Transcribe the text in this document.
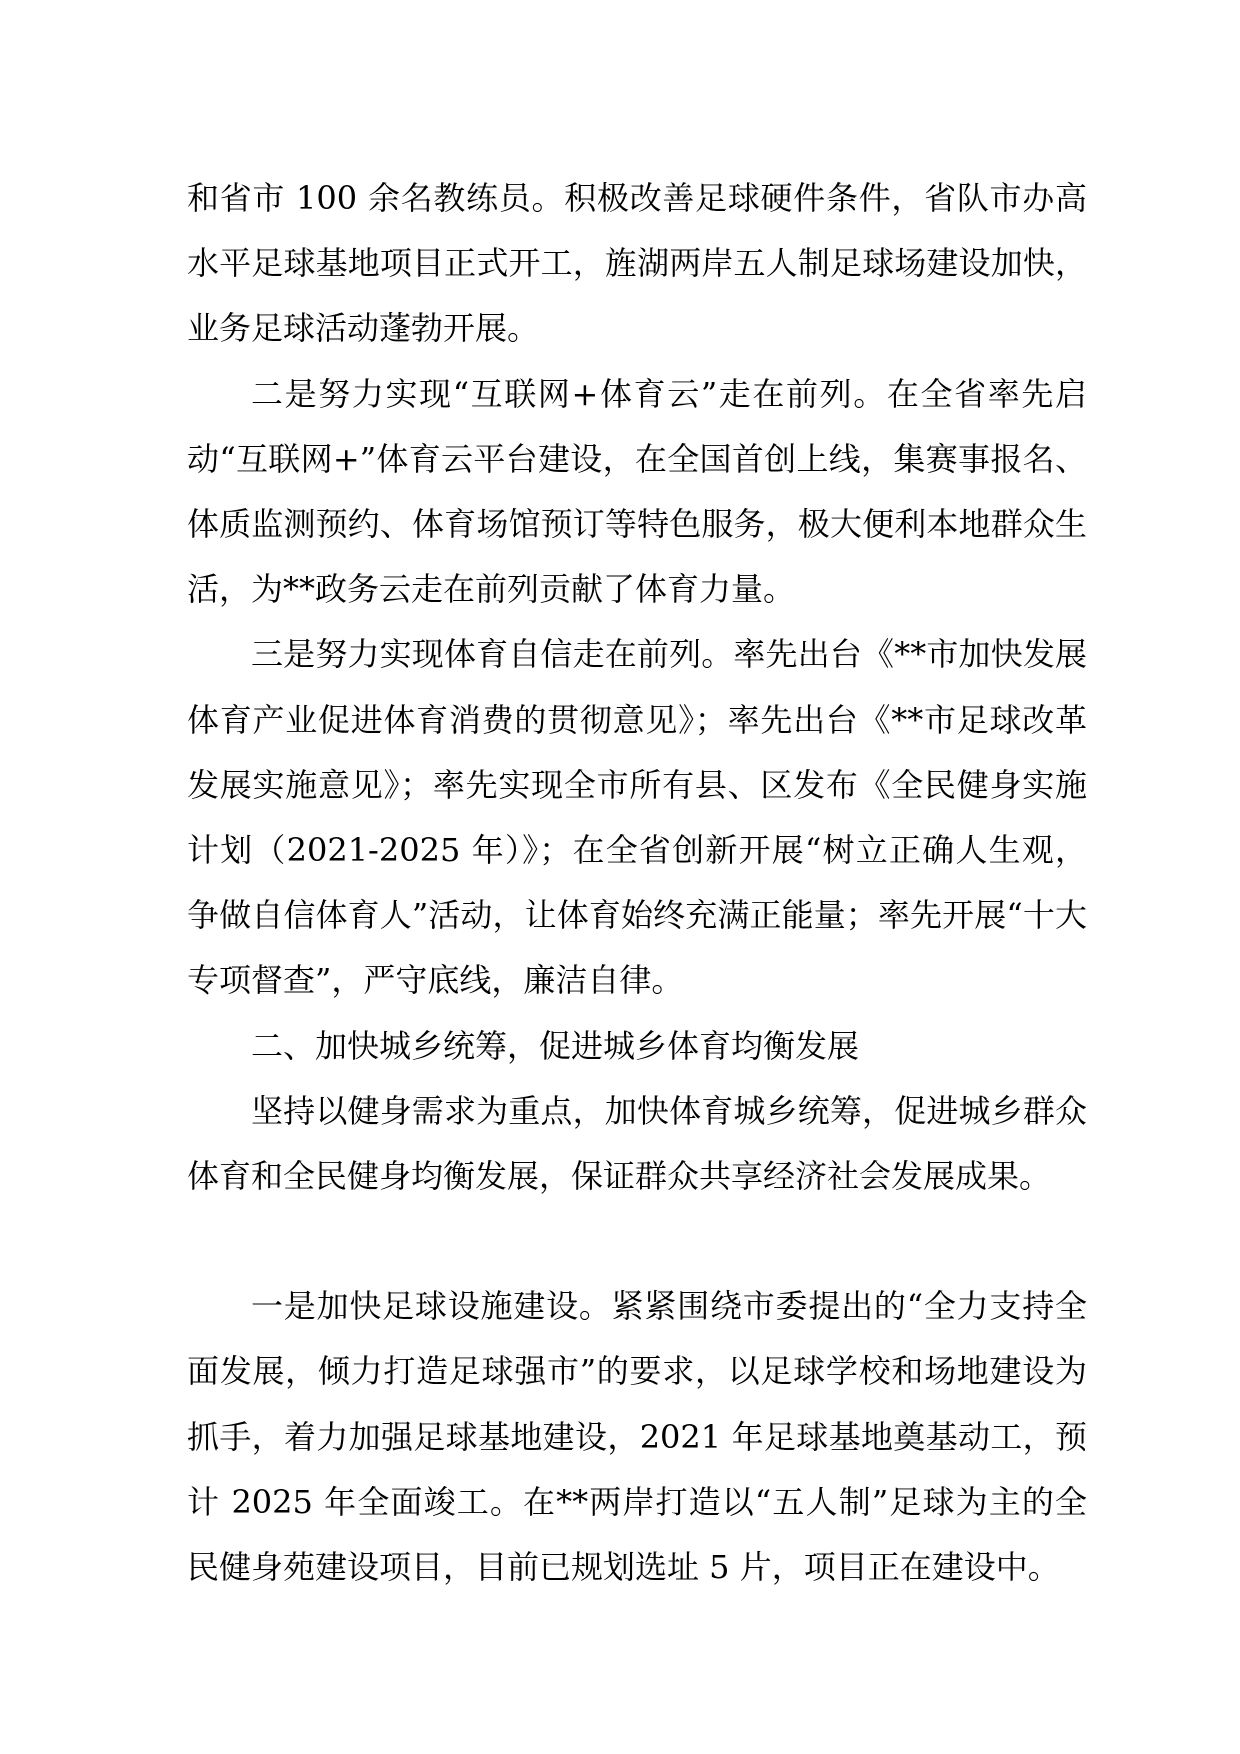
和省市 100 余名教练员。积极改善足球硬件条件，省队市办高水平足球基地项目正式开工，旌湖两岸五人制足球场建设加快，业务足球活动蓬勃开展。

二是努力实现“互联网+体育云”走在前列。在全省率先启动“互联网+”体育云平台建设，在全国首创上线，集赛事报名、体质监测预约、体育场馆预订等特色服务，极大便利本地群众生活，为**政务云走在前列贡献了体育力量。

三是努力实现体育自信走在前列。率先出台《**市加快发展体育产业促进体育消费的贯彻意见》；率先出台《**市足球改革发展实施意见》；率先实现全市所有县、区发布《全民健身实施计划（2021-2025 年）》；在全省创新开展“树立正确人生观，争做自信体育人”活动，让体育始终充满正能量；率先开展“十大专项督查”，严守底线，廉洁自律。

二、加快城乡统筹，促进城乡体育均衡发展

坚持以健身需求为重点，加快体育城乡统筹，促进城乡群众体育和全民健身均衡发展，保证群众共享经济社会发展成果。

一是加快足球设施建设。紧紧围绕市委提出的“全力支持全面发展，倾力打造足球强市”的要求，以足球学校和场地建设为抓手，着力加强足球基地建设，2021 年足球基地奠基动工，预计 2025 年全面竣工。在**两岸打造以“五人制”足球为主的全民健身苑建设项目，目前已规划选址 5 片，项目正在建设中。
